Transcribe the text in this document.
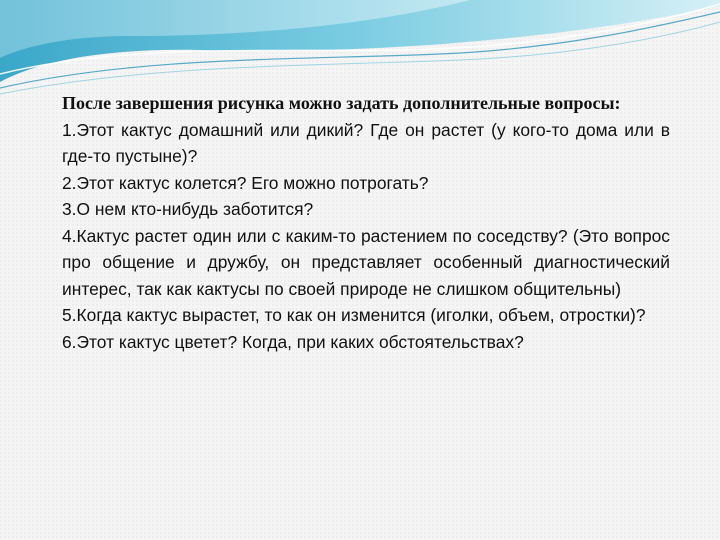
После завершения рисунка можно задать дополнительные вопросы:

1.Этот кактус домашний или дикий? Где он растет (у кого-то дома или в где-то пустыне)?

2.Этот кактус колется? Его можно потрогать?

3.О нем кто-нибудь заботится?

4.Кактус растет один или с каким-то растением по соседству? (Это вопрос про общение и дружбу, он представляет особенный диагностический интерес, так как кактусы по своей природе не слишком общительны)

5.Когда кактус вырастет, то как он изменится (иголки, объем, отростки)?

6.Этот кактус цветет? Когда, при каких обстоятельствах?
